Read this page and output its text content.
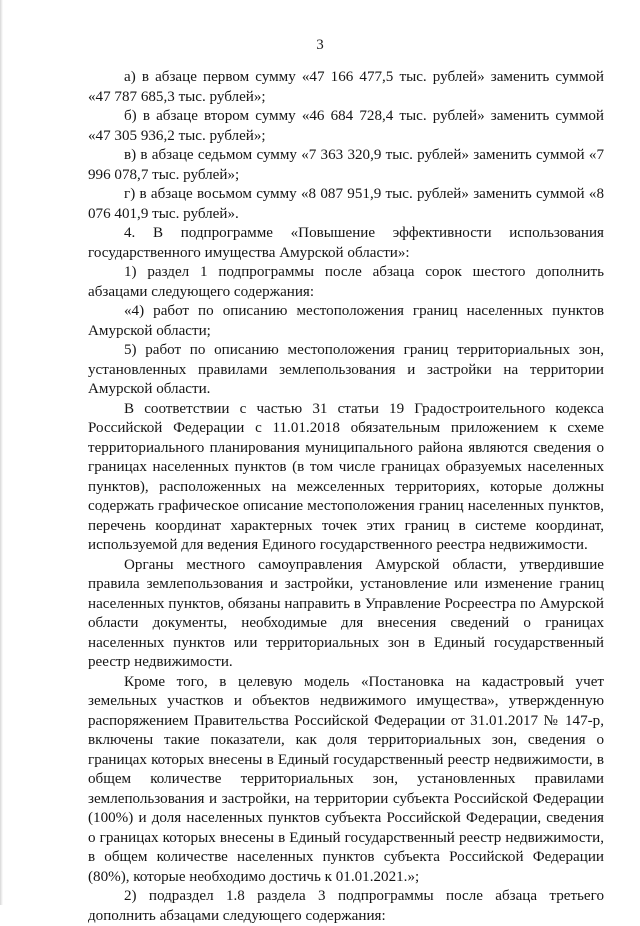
3

а) в абзаце первом сумму «47 166 477,5 тыс. рублей» заменить суммой «47 787 685,3 тыс. рублей»;

б) в абзаце втором сумму «46 684 728,4 тыс. рублей» заменить суммой «47 305 936,2 тыс. рублей»;

в) в абзаце седьмом сумму «7 363 320,9 тыс. рублей» заменить суммой «7 996 078,7 тыс. рублей»;

г) в абзаце восьмом сумму «8 087 951,9 тыс. рублей» заменить суммой «8 076 401,9 тыс. рублей».

4. В подпрограмме «Повышение эффективности использования государственного имущества Амурской области»:

1) раздел 1 подпрограммы после абзаца сорок шестого дополнить абзацами следующего содержания:

«4) работ по описанию местоположения границ населенных пунктов Амурской области;

5) работ по описанию местоположения границ территориальных зон, установленных правилами землепользования и застройки на территории Амурской области.

В соответствии с частью 31 статьи 19 Градостроительного кодекса Российской Федерации с 11.01.2018 обязательным приложением к схеме территориального планирования муниципального района являются сведения о границах населенных пунктов (в том числе границах образуемых населенных пунктов), расположенных на межселенных территориях, которые должны содержать графическое описание местоположения границ населенных пунктов, перечень координат характерных точек этих границ в системе координат, используемой для ведения Единого государственного реестра недвижимости.

Органы местного самоуправления Амурской области, утвердившие правила землепользования и застройки, установление или изменение границ населенных пунктов, обязаны направить в Управление Росреестра по Амурской области документы, необходимые для внесения сведений о границах населенных пунктов или территориальных зон в Единый государственный реестр недвижимости.

Кроме того, в целевую модель «Постановка на кадастровый учет земельных участков и объектов недвижимого имущества», утвержденную распоряжением Правительства Российской Федерации от 31.01.2017 № 147-р, включены такие показатели, как доля территориальных зон, сведения о границах которых внесены в Единый государственный реестр недвижимости, в общем количестве территориальных зон, установленных правилами землепользования и застройки, на территории субъекта Российской Федерации (100%) и доля населенных пунктов субъекта Российской Федерации, сведения о границах которых внесены в Единый государственный реестр недвижимости, в общем количестве населенных пунктов субъекта Российской Федерации (80%), которые необходимо достичь к 01.01.2021.»;

2) подраздел 1.8 раздела 3 подпрограммы после абзаца третьего дополнить абзацами следующего содержания:
